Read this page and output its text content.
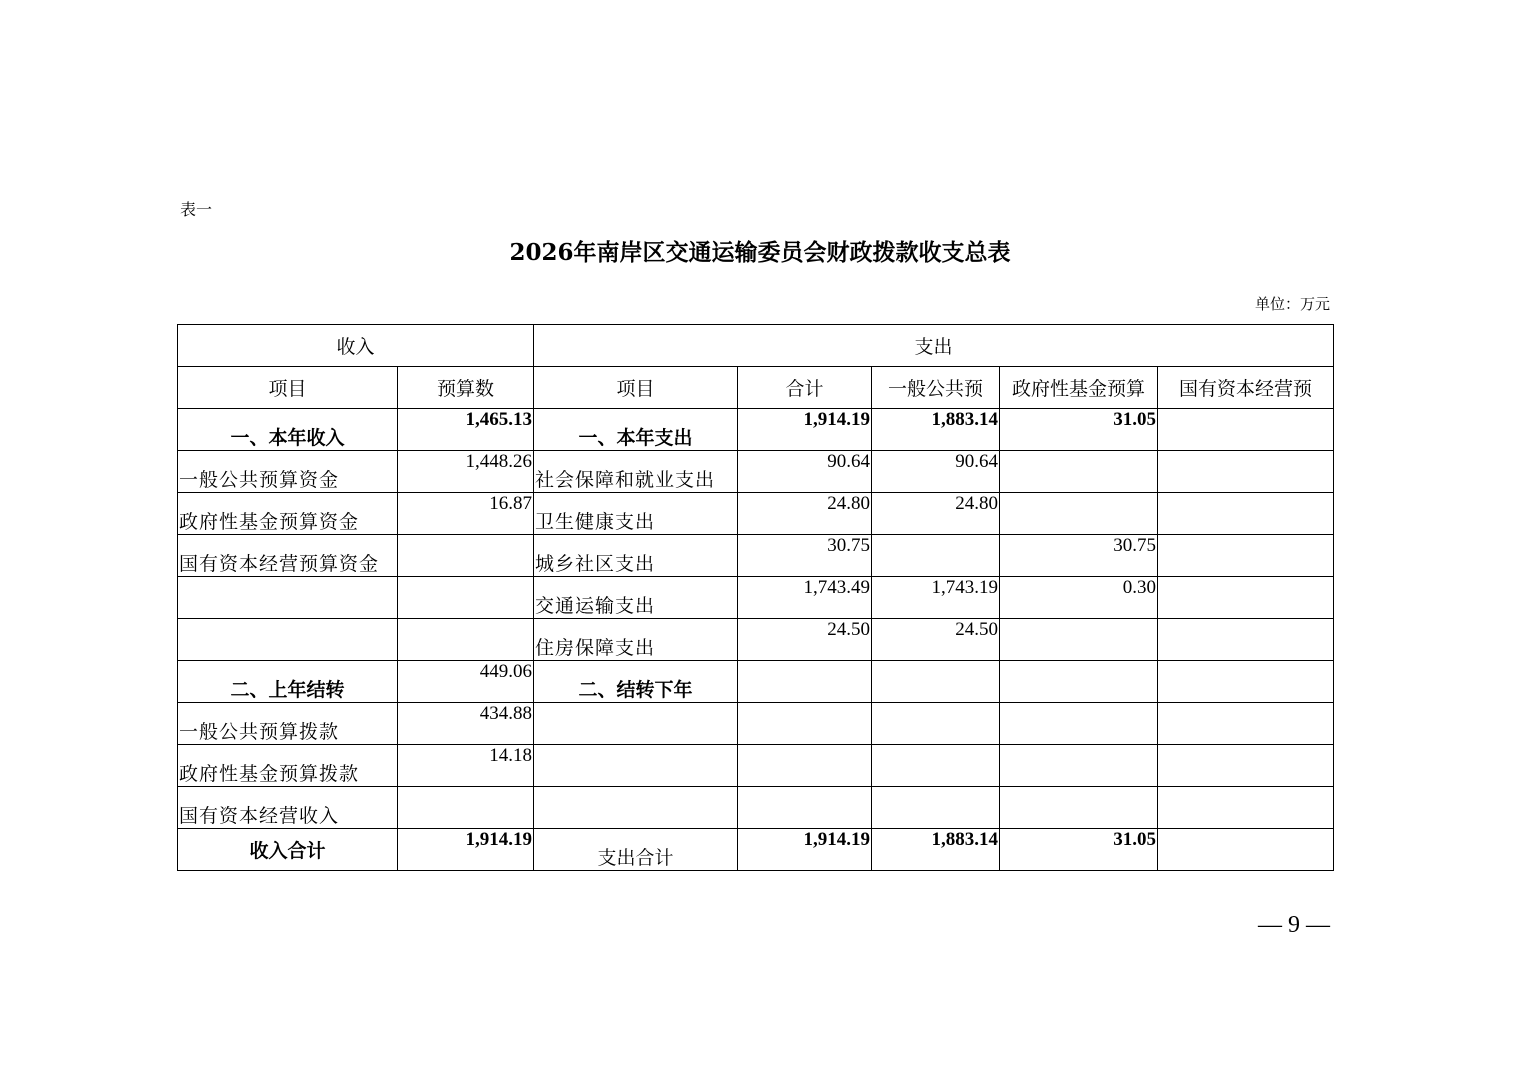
表一
2026年南岸区交通运输委员会财政拨款收支总表
单位：万元
收入		支出				
项目	预算数	项目	合计	一般公共预	政府性基金预算	国有资本经营预
一、本年收入	1,465.13	一、本年支出	1,914.19	1,883.14	31.05	
一般公共预算资金	1,448.26	社会保障和就业支出	90.64	90.64		
政府性基金预算资金	16.87	卫生健康支出	24.80	24.80		
国有资本经营预算资金		城乡社区支出	30.75		30.75	
		交通运输支出	1,743.49	1,743.19	0.30	
		住房保障支出	24.50	24.50		
二、上年结转	449.06	二、结转下年				
一般公共预算拨款	434.88					
政府性基金预算拨款	14.18					
国有资本经营收入						
收入合计	1,914.19	支出合计	1,914.19	1,883.14	31.05	
— 9 —
